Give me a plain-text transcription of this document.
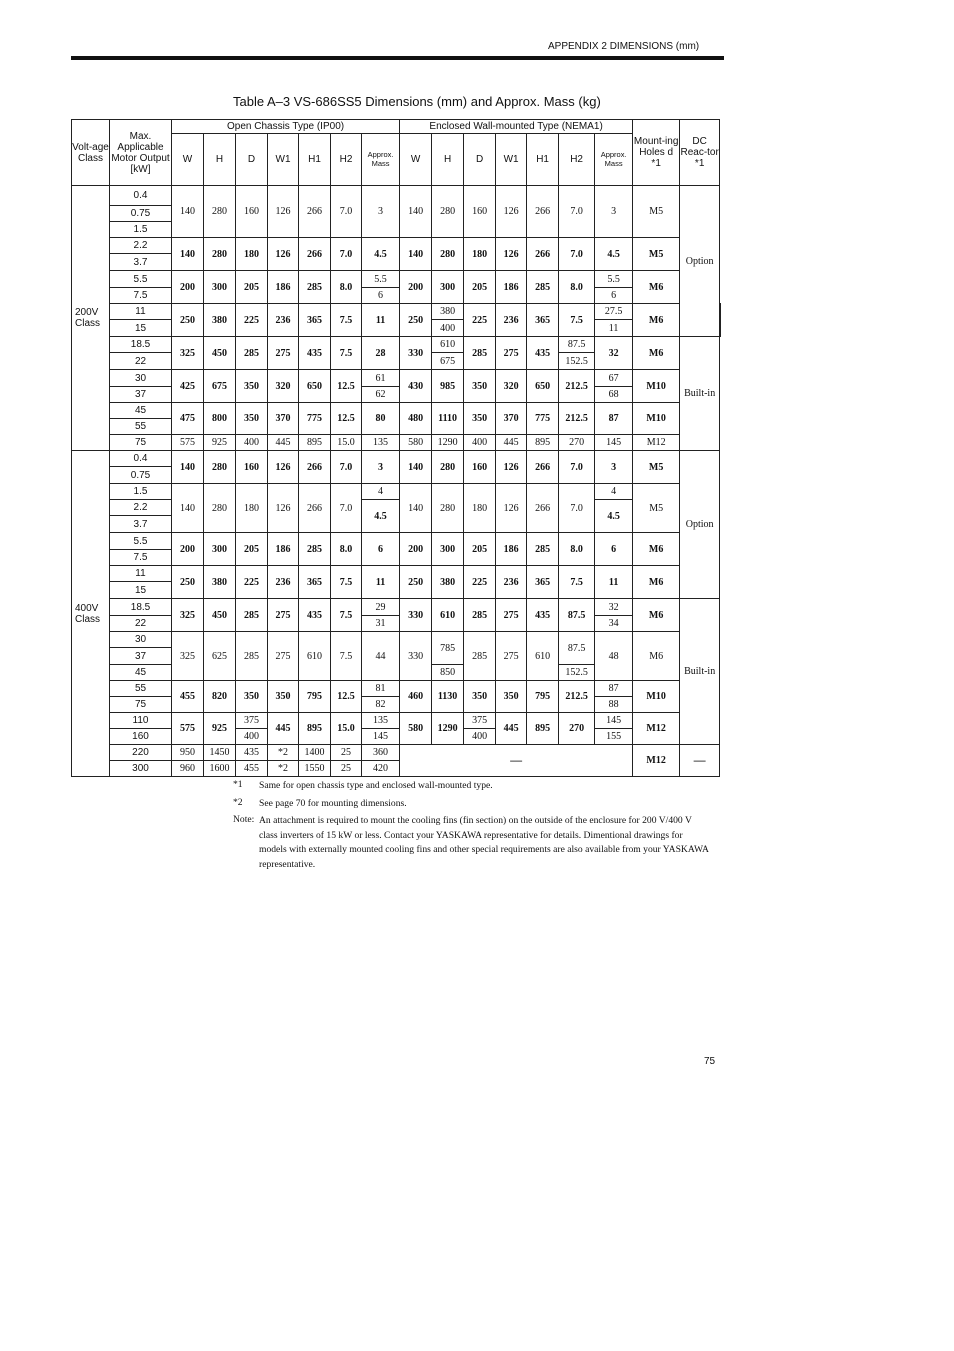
APPENDIX 2 DIMENSIONS (mm)
Table A–3 VS-686SS5 Dimensions (mm) and Approx. Mass (kg)
Volt-age Class	Max. Applicable Motor Output [kW]	Open Chassis Type (IP00)							Enclosed Wall-mounted Type (NEMA1)							Mount-ing Holes d *1	DC Reac-tor *1	
		W	H	D	W1	H1	H2	Approx. Mass	W	H	D	W1	H1	H2	Approx. Mass			
200V Class	0.4	140	280	160	126	266	7.0	3	140	280	160	126	266	7.0	3	M5	Option	
	0.75																	
	1.5																	
	2.2	140	280	180	126	266	7.0	4.5	140	280	180	126	266	7.0	4.5	M5		
	3.7																	
	5.5	200	300	205	186	285	8.0	5.5	200	300	205	186	285	8.0	5.5	M6		
	7.5							6							6			
	11	250	380	225	236	365	7.5	11	250	380	225	236	365	7.5	27.5	M6		
	15									400					11			
	18.5	325	450	285	275	435	7.5	28	330	610	285	275	435	87.5	32	M6	Built-in	
	22									675				152.5				
	30	425	675	350	320	650	12.5	61	430	985	350	320	650	212.5	67	M10		
	37							62							68			
	45	475	800	350	370	775	12.5	80	480	1110	350	370	775	212.5	87	M10		
	55																	
	75	575	925	400	445	895	15.0	135	580	1290	400	445	895	270	145	M12		
400V Class	0.4	140	280	160	126	266	7.0	3	140	280	160	126	266	7.0	3	M5	Option	
	0.75																	
	1.5	140	280	180	126	266	7.0	4	140	280	180	126	266	7.0	4	M5		
	2.2							4.5							4.5			
	3.7																	
	5.5	200	300	205	186	285	8.0	6	200	300	205	186	285	8.0	6	M6		
	7.5																	
	11	250	380	225	236	365	7.5	11	250	380	225	236	365	7.5	11	M6		
	15																	
	18.5	325	450	285	275	435	7.5	29	330	610	285	275	435	87.5	32	M6	Built-in	
	22							31							34			
	30	325	625	285	275	610	7.5	44	330	785	285	275	610	87.5	48	M6		
	37																	
	45									850				152.5				
	55	455	820	350	350	795	12.5	81	460	1130	350	350	795	212.5	87	M10		
	75							82							88			
	110	575	925	375	445	895	15.0	135	580	1290	375	445	895	270	145	M12		
	160			400				145			400				155			
	220	950	1450	435	*2	1400	25	360	—							M12	—	
	300	960	1600	455	*2	1550	25	420										
*1 Same for open chassis type and enclosed wall-mounted type.
*2 See page 70 for mounting dimensions.
Note: An attachment is required to mount the cooling fins (fin section) on the outside of the enclosure for 200 V/400 V class inverters of 15 kW or less. Contact your YASKAWA representative for details. Dimentional drawings for models with externally mounted cooling fins and other special requirements are also available from your YASKAWA representative.
75
